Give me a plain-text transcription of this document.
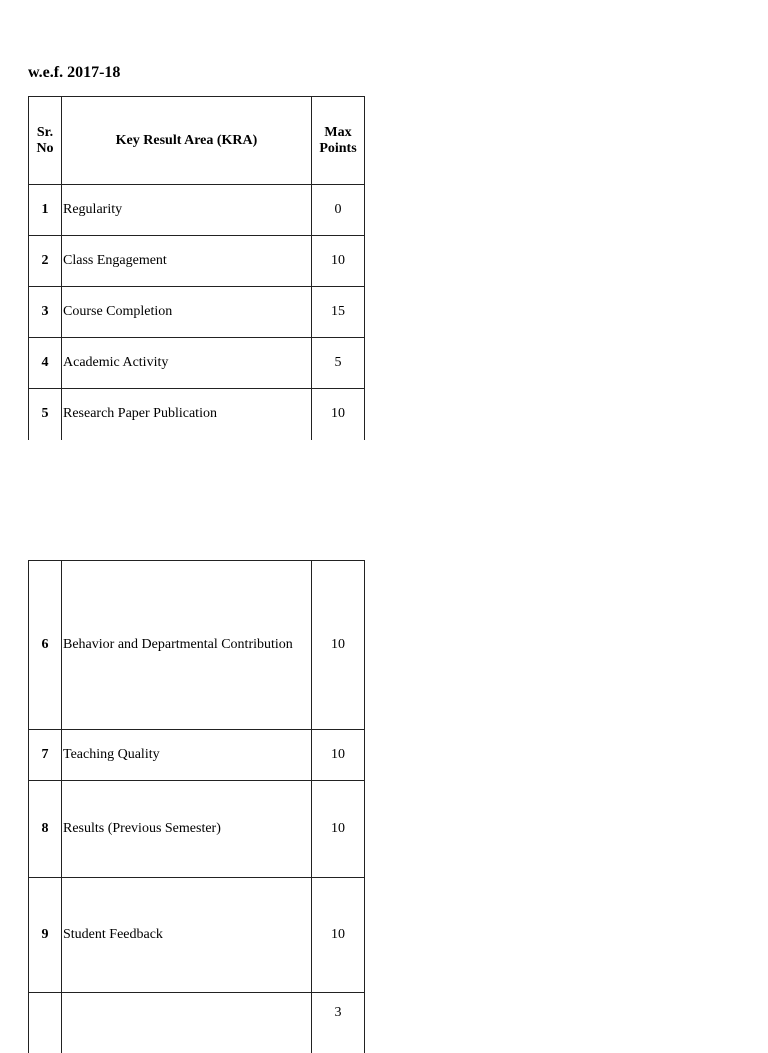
w.e.f. 2017-18
Sr. No	Key Result Area (KRA)	Max Points
1	Regularity	0
2	Class Engagement	10
3	Course Completion	15
4	Academic Activity	5
5	Research Paper Publication	10
6	Behavior and Departmental Contribution	10
7	Teaching Quality	10
8	Results (Previous Semester)	10
9	Student Feedback	10
		3
